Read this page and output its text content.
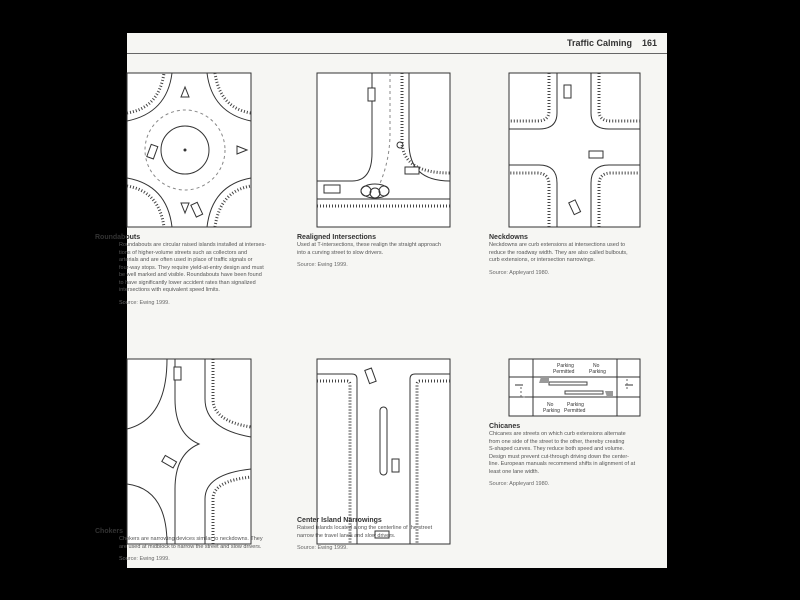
Traffic Calming 161
Roundabouts

Roundabouts are circular raised islands installed at interses-

tions of higher-volume streets such as collectors and

arterials and are often used in place of traffic signals or

four-way stops. They require yield-at-entry design and must

be well marked and visible. Roundabouts have been found

to have significantly lower accident rates than signalized

intersections with equivalent speed limits.

Source: Ewing 1999.

Realigned Intersections

Used at T-intersections, these realign the straight approach

into a curving street to slow drivers.

Source: Ewing 1999.

Neckdowns

Neckdowns are curb extensions at intersections used to

reduce the roadway width. They are also called bulbouts,

curb extensions, or intersection narrowings.

Source: Appleyard 1980.

Chokers

Chokers are narrowing devices similar to neckdowns. They

are used at midblock to narrow the street and slow drivers.

Source: Ewing 1999.

Center Island Narrowings

Raised islands located along the centerline of the street

narrow the travel lanes and slow drivers.

Source: Ewing 1999.

Parking
Permitted
No
Parking
No
Parking
Parking
Permitted
Chicanes

Chicanes are streets on which curb extensions alternate

from one side of the street to the other, thereby creating

S-shaped curves. They reduce both speed and volume.

Design must prevent cut-through driving down the center-

line. European manuals recommend shifts in alignment of at

least one lane width.

Source: Appleyard 1980.
